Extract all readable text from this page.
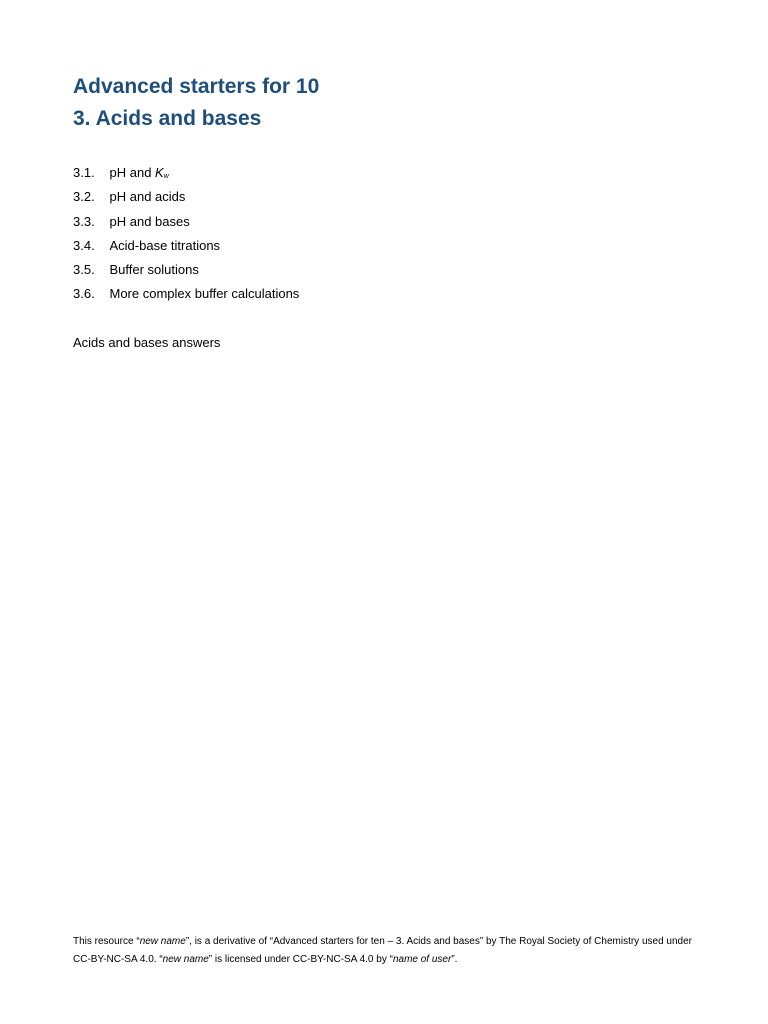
Advanced starters for 10
3. Acids and bases
3.1. pH and Kw
3.2. pH and acids
3.3. pH and bases
3.4. Acid-base titrations
3.5. Buffer solutions
3.6. More complex buffer calculations
Acids and bases answers

This resource “new name”, is a derivative of “Advanced starters for ten – 3. Acids and bases” by The Royal Society of Chemistry used under CC-BY-NC-SA 4.0. “new name” is licensed under CC-BY-NC-SA 4.0 by “name of user”.
